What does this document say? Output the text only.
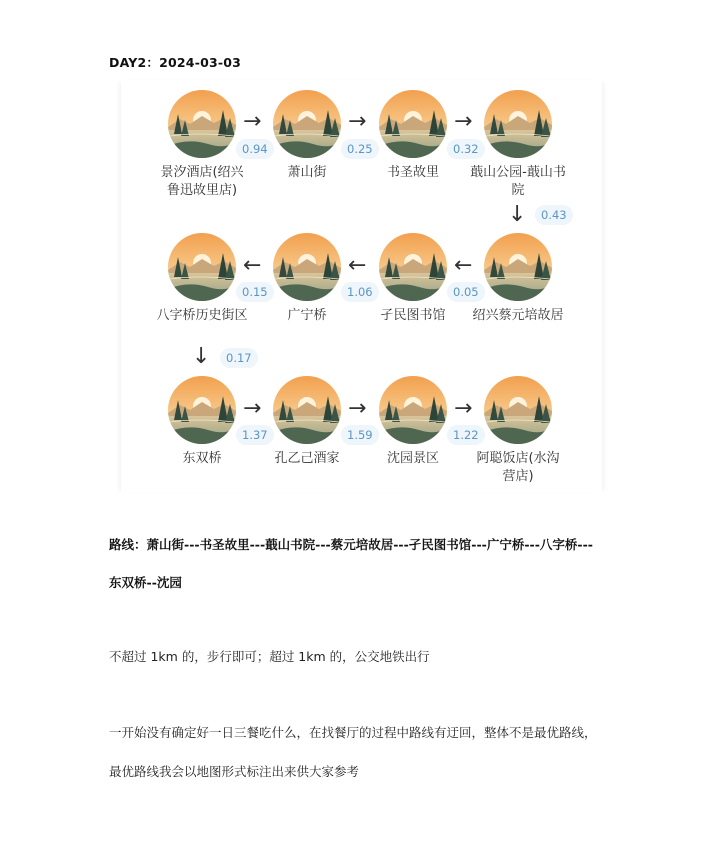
DAY2：2024-03-03
景汐酒店(绍兴鲁迅故里店)
萧山街	书圣故里	蕺山公园-蕺山书院
→	→	→
0.94	0.25	0.32
↓	0.43
绍兴蔡元培故居
孑民图书馆
广宁桥
八字桥历史街区
←
←
←
0.05
1.06
0.15
↓	0.17
东双桥	孔乙己酒家	沈园景区	阿聪饭店(水沟营店)
→	→	→
1.37	1.59	1.22
路线：萧山街---书圣故里---蕺山书院---蔡元培故居---孑民图书馆---广宁桥---八字桥---
东双桥--沈园
不超过 1km 的，步行即可；超过 1km 的，公交地铁出行
一开始没有确定好一日三餐吃什么，在找餐厅的过程中路线有迂回，整体不是最优路线，
最优路线我会以地图形式标注出来供大家参考
